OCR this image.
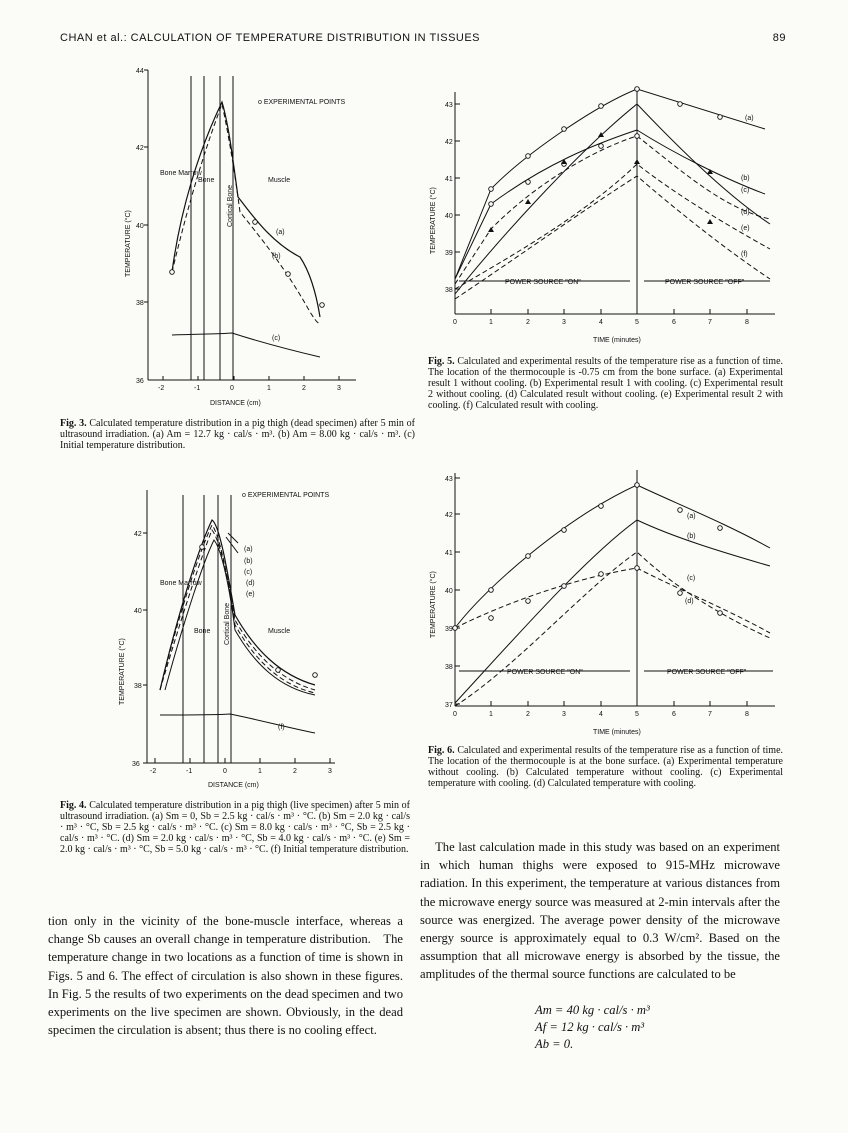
CHAN et al.: CALCULATION OF TEMPERATURE DISTRIBUTION IN TISSUES	89
44
42
40
38
36
-2	-1	0	1	2	3
DISTANCE (cm)
TEMPERATURE (°C)
o EXPERIMENTAL POINTS
Bone Marrow
Bone
Cortical Bone
Muscle
(a)
(b)
(c)
Fig. 3. Calculated temperature distribution in a pig thigh (dead specimen) after 5 min of ultrasound irradiation. (a) Am = 12.7 kg · cal/s · m³. (b) Am = 8.00 kg · cal/s · m³. (c) Initial temperature distribution.
43
42
41
40
39
38
0	1	2	3	4	5	6	7	8
TIME (minutes)
TEMPERATURE (°C)
POWER SOURCE "ON"	POWER SOURCE "OFF"
(a)
(b)
(c)
(d)
(e)
(f)
Fig. 5. Calculated and experimental results of the temperature rise as a function of time. The location of the thermocouple is -0.75 cm from the bone surface. (a) Experimental result 1 without cooling. (b) Experimental result 1 with cooling. (c) Experimental result 2 without cooling. (d) Calculated result without cooling. (e) Experimental result 2 with cooling. (f) Calculated result with cooling.
42
40
38
36
-2	-1	0	1	2	3
DISTANCE (cm)
TEMPERATURE (°C)
o EXPERIMENTAL POINTS
Bone Marrow
Bone Cortical Bone	Muscle
(a)
(b)
(c)
(d)
(e)
(f)
Fig. 4. Calculated temperature distribution in a pig thigh (live specimen) after 5 min of ultrasound irradiation. (a) Sm = 0, Sb = 2.5 kg · cal/s · m³ · °C. (b) Sm = 2.0 kg · cal/s · m³ · °C, Sb = 2.5 kg · cal/s · m³ · °C. (c) Sm = 8.0 kg · cal/s · m³ · °C, Sb = 2.5 kg · cal/s · m³ · °C. (d) Sm = 2.0 kg · cal/s · m³ · °C, Sb = 4.0 kg · cal/s · m³ · °C. (e) Sm = 2.0 kg · cal/s · m³ · °C, Sb = 5.0 kg · cal/s · m³ · °C. (f) Initial temperature distribution.
43
42
41
40
39
38
37
0	1	2	3	4	5	6	7	8
TIME (minutes)
TEMPERATURE (°C)
POWER SOURCE "ON"	POWER SOURCE "OFF"
(a)
(b)
(c)
(d)
Fig. 6. Calculated and experimental results of the temperature rise as a function of time. The location of the thermocouple is at the bone surface. (a) Experimental temperature without cooling. (b) Calculated temperature without cooling. (c) Experimental temperature with cooling. (d) Calculated temperature with cooling.
tion only in the vicinity of the bone-muscle interface, whereas a change Sb causes an overall change in temperature distribution. The temperature change in two locations as a function of time is shown in Figs. 5 and 6. The effect of circulation is also shown in these figures. In Fig. 5 the results of two experiments on the dead specimen and two experiments on the live specimen are shown. Obviously, in the dead specimen the circulation is absent; thus there is no cooling effect.
The last calculation made in this study was based on an experiment in which human thighs were exposed to 915-MHz microwave radiation. In this experiment, the temperature at various distances from the microwave energy source was measured at 2-min intervals after the source was energized. The average power density of the microwave energy source is approximately equal to 0.3 W/cm². Based on the assumption that all microwave energy is absorbed by the tissue, the amplitudes of the thermal source functions are calculated to be
Am = 40 kg · cal/s · m³
Af = 12 kg · cal/s · m³
Ab = 0.
